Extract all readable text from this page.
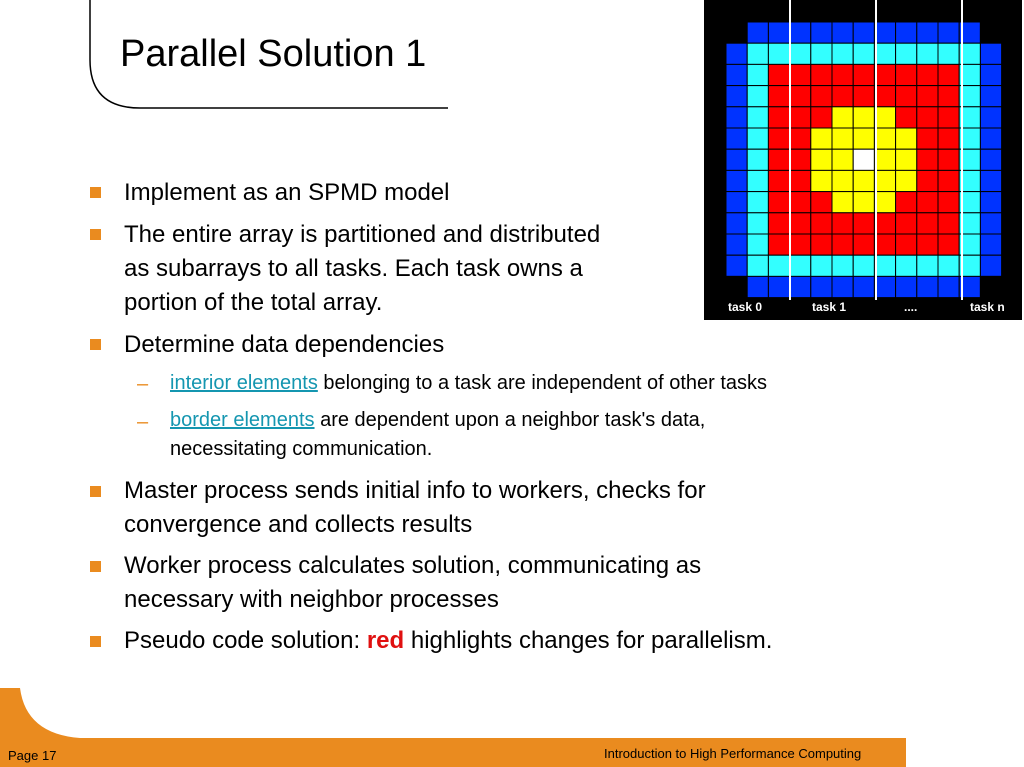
Parallel Solution 1
task 0	task 1	....	task n
Implement as an SPMD model
The entire array is partitioned and distributed
as subarrays to all tasks. Each task owns a
portion of the total array.
Determine data dependencies
– interior elements belonging to a task are independent of other tasks
– border elements are dependent upon a neighbor task's data,
necessitating communication.
Master process sends initial info to workers, checks for
convergence and collects results
Worker process calculates solution, communicating as
necessary with neighbor processes
Pseudo code solution: red highlights changes for parallelism.
Page 17	Introduction to High Performance Computing
